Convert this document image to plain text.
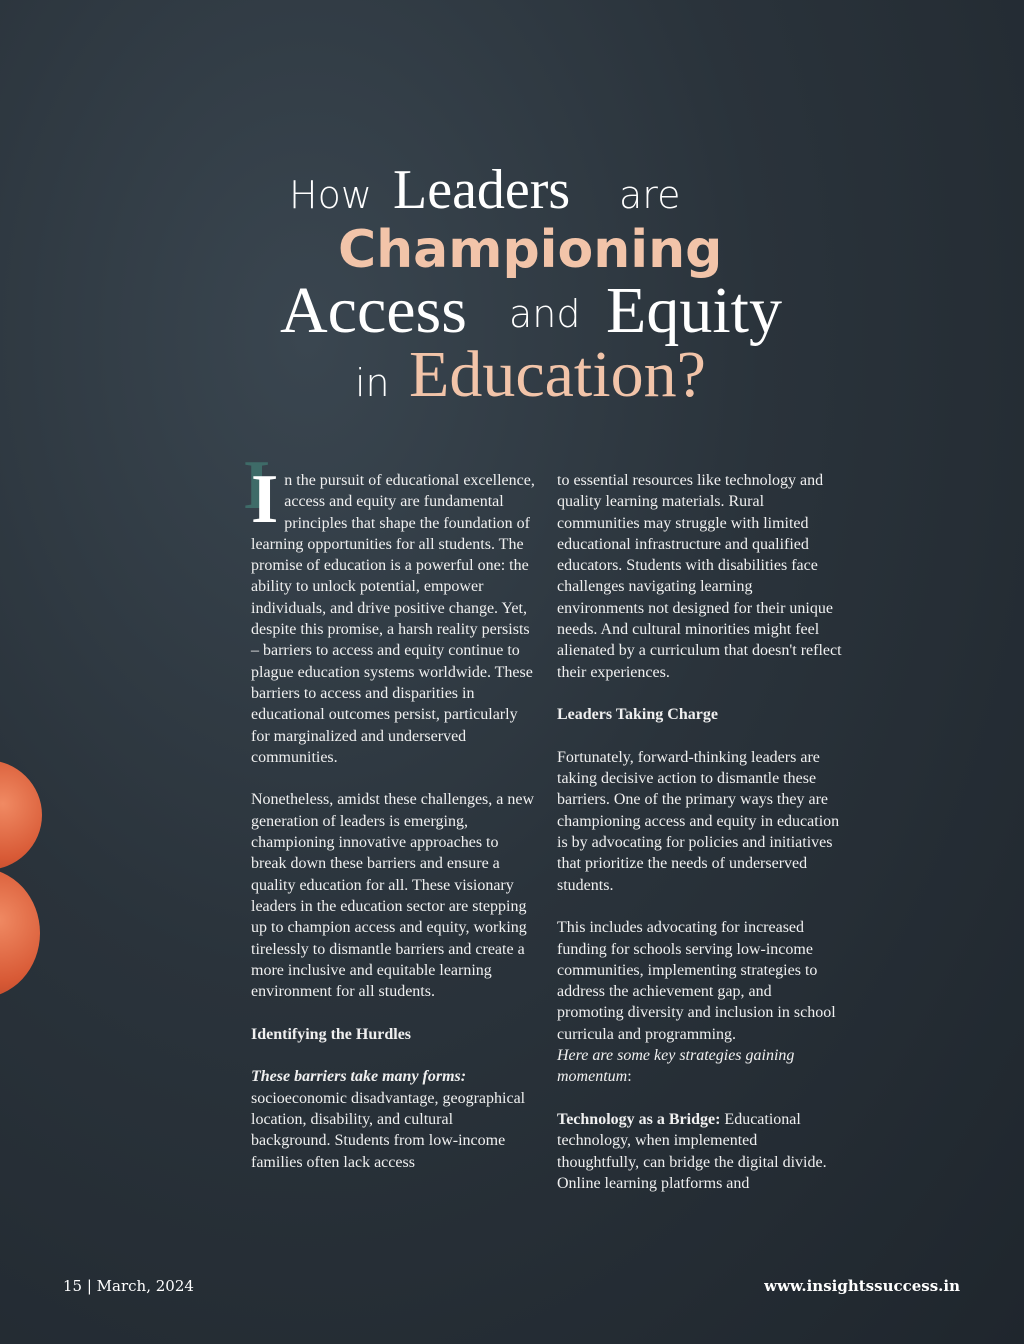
How Leaders are
Championing
Access and Equity
in Education?

In the pursuit of educational excellence, access and equity are fundamental principles that shape the foundation of learning opportunities for all students. The promise of education is a powerful one: the ability to unlock potential, empower individuals, and drive positive change. Yet, despite this promise, a harsh reality persists – barriers to access and equity continue to plague education systems worldwide. These barriers to access and disparities in educational outcomes persist, particularly for marginalized and underserved communities.

Nonetheless, amidst these challenges, a new generation of leaders is emerging, championing innovative approaches to break down these barriers and ensure a quality education for all. These visionary leaders in the education sector are stepping up to champion access and equity, working tirelessly to dismantle barriers and create a more inclusive and equitable learning environment for all students.

Identifying the Hurdles

These barriers take many forms:
socioeconomic disadvantage, geographical location, disability, and cultural background. Students from low-income families often lack access

to essential resources like technology and quality learning materials. Rural communities may struggle with limited educational infrastructure and qualified educators. Students with disabilities face challenges navigating learning environments not designed for their unique needs. And cultural minorities might feel alienated by a curriculum that doesn't reflect their experiences.

Leaders Taking Charge

Fortunately, forward-thinking leaders are taking decisive action to dismantle these barriers. One of the primary ways they are championing access and equity in education is by advocating for policies and initiatives that prioritize the needs of underserved students.

This includes advocating for increased funding for schools serving low-income communities, implementing strategies to address the achievement gap, and promoting diversity and inclusion in school curricula and programming.

Here are some key strategies gaining momentum:

Technology as a Bridge: Educational technology, when implemented thoughtfully, can bridge the digital divide. Online learning platforms and

15 | March, 2024	www.insightssuccess.in
